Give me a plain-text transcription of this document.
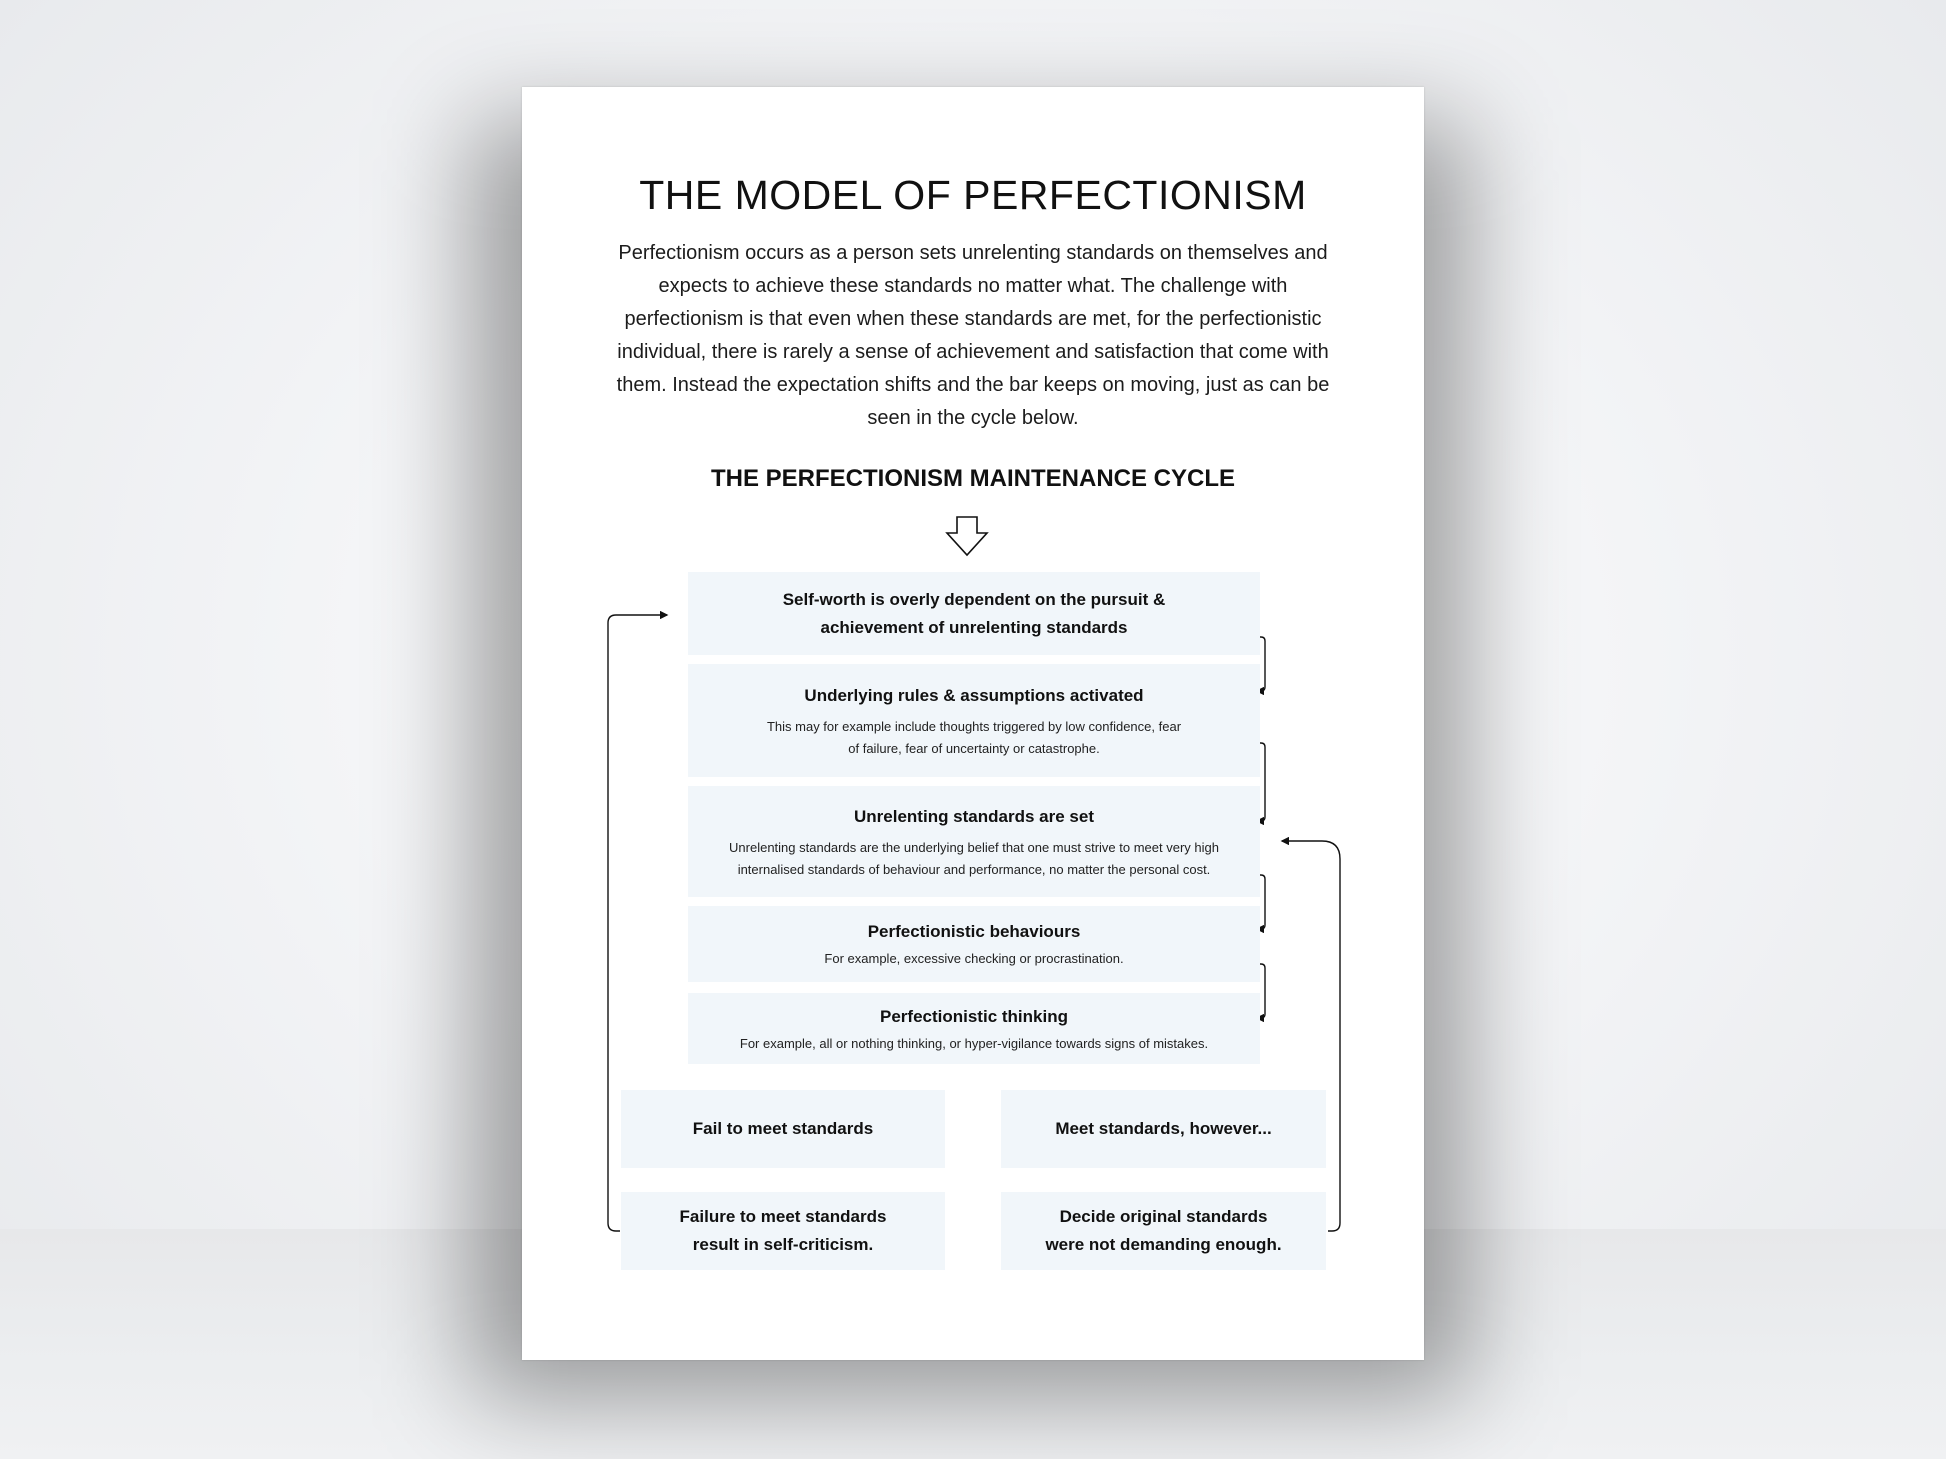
THE MODEL OF PERFECTIONISM

Perfectionism occurs as a person sets unrelenting standards on themselves and expects to achieve these standards no matter what. The challenge with perfectionism is that even when these standards are met, for the perfectionistic individual, there is rarely a sense of achievement and satisfaction that come with them. Instead the expectation shifts and the bar keeps on moving, just as can be seen in the cycle below.

THE PERFECTIONISM MAINTENANCE CYCLE
Self-worth is overly dependent on the pursuit &
achievement of unrelenting standards
Underlying rules & assumptions activated
This may for example include thoughts triggered by low confidence, fear
of failure, fear of uncertainty or catastrophe.
Unrelenting standards are set
Unrelenting standards are the underlying belief that one must strive to meet very high
internalised standards of behaviour and performance, no matter the personal cost.
Perfectionistic behaviours
For example, excessive checking or procrastination.
Perfectionistic thinking
For example, all or nothing thinking, or hyper-vigilance towards signs of mistakes.
Fail to meet standards	Meet standards, however...
Failure to meet standards
result in self-criticism.
Decide original standards
were not demanding enough.
